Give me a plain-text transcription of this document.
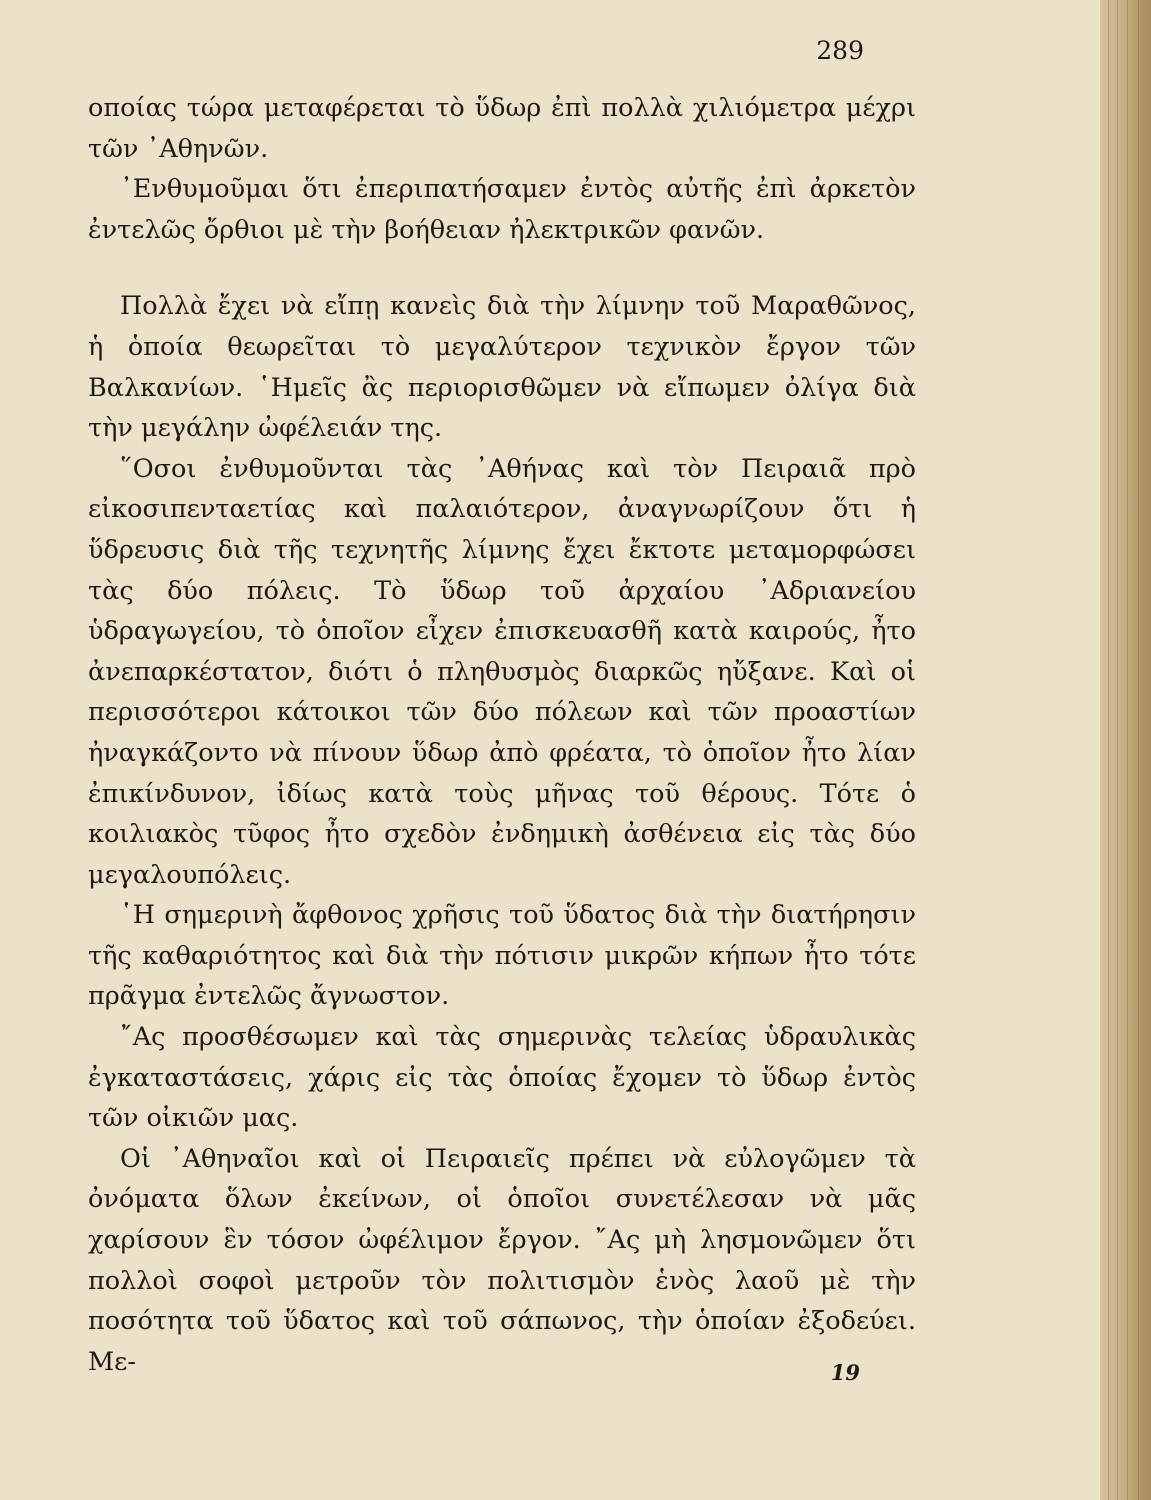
289

οποίας τώρα μεταφέρεται τὸ ὕδωρ ἐπὶ πολλὰ χιλιόμετρα μέχρι τῶν ᾿Αθηνῶν.

᾿Ενθυμοῦμαι ὅτι ἐπεριπατήσαμεν ἐντὸς αὐτῆς ἐπὶ ἀρκετὸν ἐντελῶς ὄρθιοι μὲ τὴν βοήθειαν ἠλεκτρικῶν φανῶν.

Πολλὰ ἔχει νὰ εἴπῃ κανεὶς διὰ τὴν λίμνην τοῦ Μαραθῶνος, ἡ ὁποία θεωρεῖται τὸ μεγαλύτερον τεχνικὸν ἔργον τῶν Βαλκανίων. ῾Ημεῖς ἂς περιορισθῶμεν νὰ εἴπωμεν ὀλίγα διὰ τὴν μεγάλην ὠφέλειάν της.

῞Οσοι ἐνθυμοῦνται τὰς ᾿Αθήνας καὶ τὸν Πειραιᾶ πρὸ εἰκοσιπενταετίας καὶ παλαιότερον, ἀναγνωρίζουν ὅτι ἡ ὕδρευσις διὰ τῆς τεχνητῆς λίμνης ἔχει ἔκτοτε μεταμορφώσει τὰς δύο πόλεις. Τὸ ὕδωρ τοῦ ἀρχαίου ᾿Αδριανείου ὑδραγωγείου, τὸ ὁποῖον εἶχεν ἐπισκευασθῆ κατὰ καιρούς, ἦτο ἀνεπαρκέστατον, διότι ὁ πληθυσμὸς διαρκῶς ηὔξανε. Καὶ οἱ περισσότεροι κάτοικοι τῶν δύο πόλεων καὶ τῶν προαστίων ἠναγκάζοντο νὰ πίνουν ὕδωρ ἀπὸ φρέατα, τὸ ὁποῖον ἦτο λίαν ἐπικίνδυνον, ἰδίως κατὰ τοὺς μῆνας τοῦ θέρους. Τότε ὁ κοιλιακὸς τῦφος ἦτο σχεδὸν ἐνδημικὴ ἀσθένεια εἰς τὰς δύο μεγαλουπόλεις.

῾Η σημερινὴ ἄφθονος χρῆσις τοῦ ὕδατος διὰ τὴν διατήρησιν τῆς καθαριότητος καὶ διὰ τὴν πότισιν μικρῶν κήπων ἦτο τότε πρᾶγμα ἐντελῶς ἄγνωστον.

῎Ας προσθέσωμεν καὶ τὰς σημερινὰς τελείας ὑδραυλικὰς ἐγκαταστάσεις, χάρις εἰς τὰς ὁποίας ἔχομεν τὸ ὕδωρ ἐντὸς τῶν οἰκιῶν μας.

Οἱ ᾿Αθηναῖοι καὶ οἱ Πειραιεῖς πρέπει νὰ εὐλογῶμεν τὰ ὀνόματα ὅλων ἐκείνων, οἱ ὁποῖοι συνετέλεσαν νὰ μᾶς χαρίσουν ἓν τόσον ὠφέλιμον ἔργον. ῎Ας μὴ λησμονῶμεν ὅτι πολλοὶ σοφοὶ μετροῦν τὸν πολιτισμὸν ἑνὸς λαοῦ μὲ τὴν ποσότητα τοῦ ὕδατος καὶ τοῦ σάπωνος, τὴν ὁποίαν ἐξοδεύει. Με-	19
